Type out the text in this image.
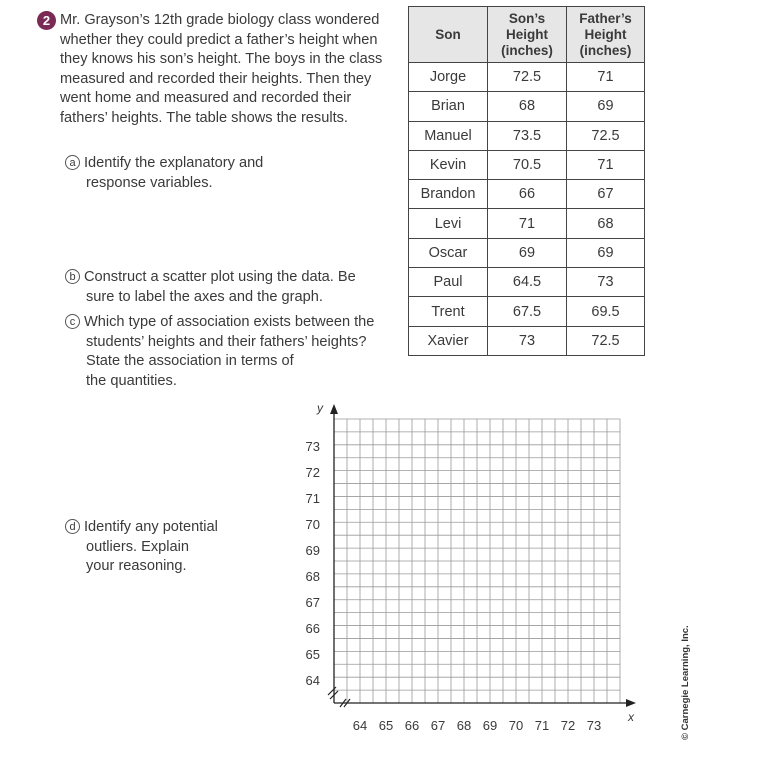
2 Mr. Grayson’s 12th grade biology class wondered whether they could predict a father’s height when they knows his son’s height. The boys in the class measured and recorded their heights. Then they went home and measured and recorded their fathers’ heights. The table shows the results.

a Identify the explanatory and
response variables.
b Construct a scatter plot using the data. Be
sure to label the axes and the graph.
c Which type of association exists between the
students’ heights and their fathers’ heights?
State the association in terms of
the quantities.
d Identify any potential
outliers. Explain
your reasoning.
Son	Son’s
Height
(inches)	Father’s
Height
(inches)
Jorge	72.5	71
Brian	68	69
Manuel	73.5	72.5
Kevin	70.5	71
Brandon	66	67
Levi	71	68
Oscar	69	69
Paul	64.5	73
Trent	67.5	69.5
Xavier	73	72.5
y
x
64
65
66
67
68
69
70
71
72
73
64 65 66 67 68 69 70 71 72 73	© Carnegie Learning, Inc.
